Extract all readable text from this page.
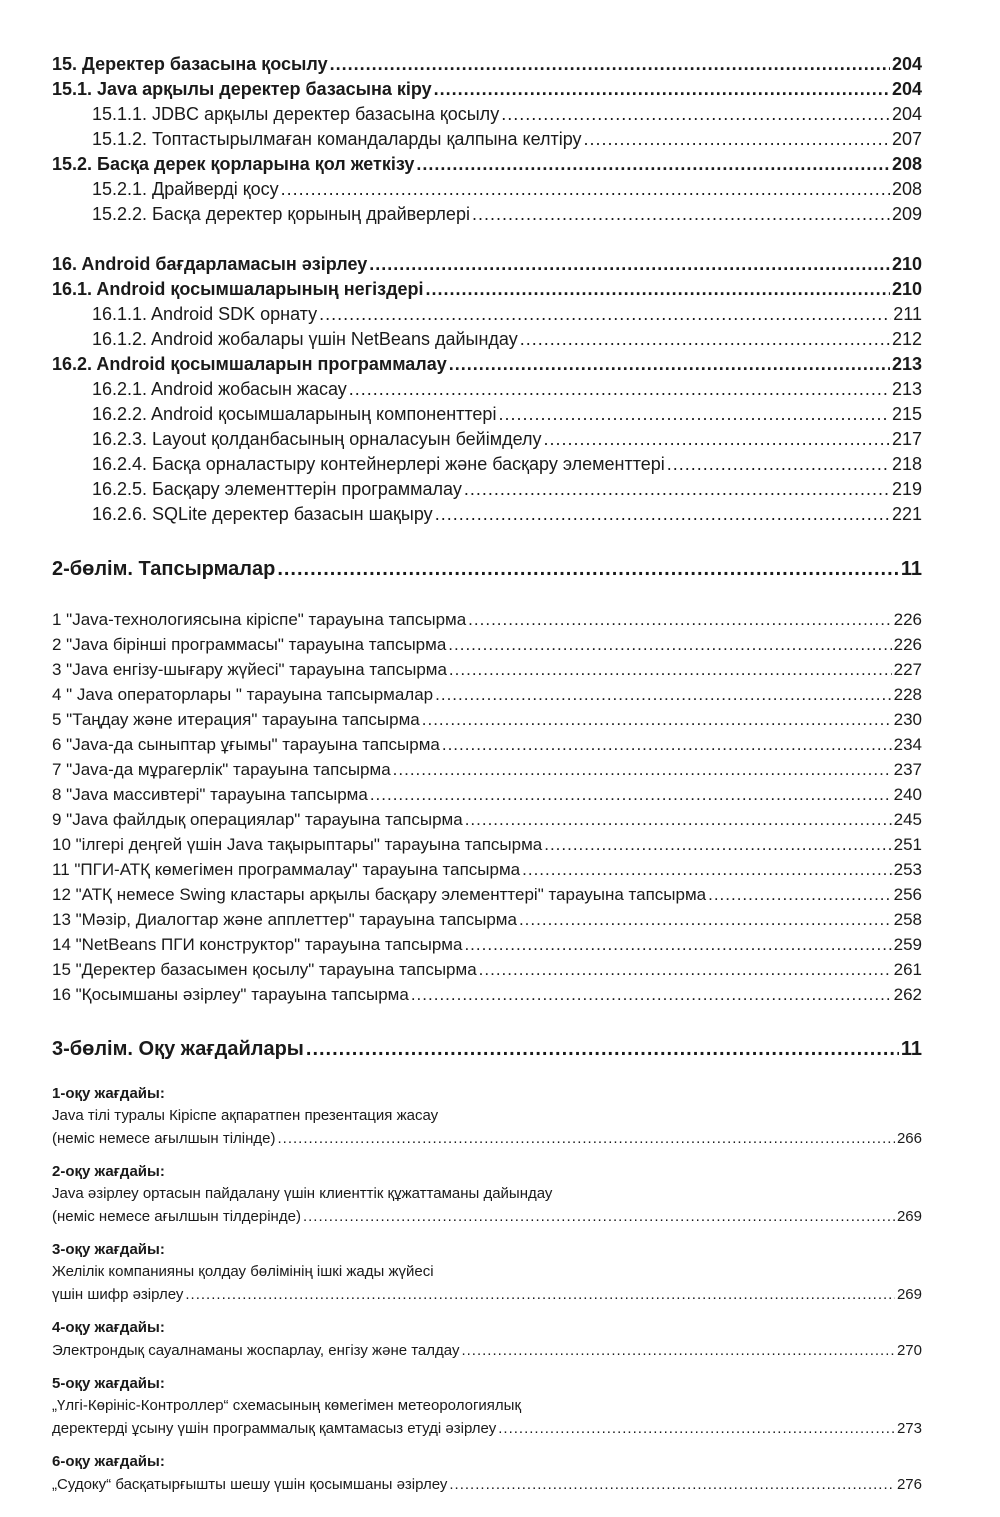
15. Деректер базасына қосылу .....	204
15.1. Java арқылы деректер базасына кіру .....	204
15.1.1. JDBC арқылы деректер базасына қосылу .....	204
15.1.2. Топтастырылмаған командаларды қалпына келтіру .....	207
15.2. Басқа дерек қорларына қол жеткізу .....	208
15.2.1. Драйверді қосу .....	208
15.2.2. Басқа деректер қорының драйверлері .....	209
16. Android бағдарламасын әзірлеу .....	210
16.1. Android қосымшаларының негіздері .....	210
16.1.1. Android SDK орнату .....	211
16.1.2. Android жобалары үшін NetBeans дайындау .....	212
16.2. Android қосымшаларын программалау .....	213
16.2.1. Android жобасын жасау .....	213
16.2.2. Android қосымшаларының компоненттері .....	215
16.2.3. Layout қолданбасының орналасуын бейімделу .....	217
16.2.4. Басқа орналастыру контейнерлері және басқару элементтері .....	218
16.2.5. Басқару элементтерін программалау .....	219
16.2.6. SQLite деректер базасын шақыру .....	221
2-бөлім. Тапсырмалар .....	11
1 "Java-технологиясына кіріспе" тарауына тапсырма .....	226
2 "Java бірінші программасы" тарауына тапсырма .....	226
3 "Java енгізу-шығару жүйесі" тарауына тапсырма .....	227
4 " Java операторлары " тарауына тапсырмалар .....	228
5 "Таңдау және итерация" тарауына тапсырма .....	230
6 "Java-да сыныптар ұғымы" тарауына тапсырма .....	234
7 "Java-да мұрагерлік" тарауына тапсырма .....	237
8 "Java массивтері" тарауына тапсырма .....	240
9 "Java файлдық операциялар" тарауына тапсырма .....	245
10 "ілгері деңгей үшін Java тақырыптары" тарауына тапсырма .....	251
11 "ПГИ-АТҚ көмегімен программалау" тарауына тапсырма .....	253
12 "АТҚ немесе Swing кластары арқылы басқару элементтері" тарауына тапсырма .....	256
13 "Мәзір, Диалогтар және апплеттер" тарауына тапсырма .....	258
14 "NetBeans ПГИ конструктор" тарауына тапсырма .....	259
15 "Деректер базасымен қосылу" тарауына тапсырма .....	261
16 "Қосымшаны әзірлеу" тарауына тапсырма .....	262
3-бөлім. Оқу жағдайлары .....	11
1-оқу жағдайы:
Java тілі туралы Кіріспе ақпаратпен презентация жасау
(неміс немесе ағылшын тілінде) .....	266
2-оқу жағдайы:
Java әзірлеу ортасын пайдалану үшін клиенттік құжаттаманы дайындау
(неміс немесе ағылшын тілдерінде) .....	269
3-оқу жағдайы:
Желілік компанияны қолдау бөлімінің ішкі жады жүйесі
үшін шифр әзірлеу .....	269
4-оқу жағдайы:
Электрондық сауалнаманы жоспарлау, енгізу және талдау .....	270
5-оқу жағдайы:
„Үлгі-Көрініс-Контроллер“ схемасының көмегімен метеорологиялық
деректерді ұсыну үшін программалық қамтамасыз етуді әзірлеу .....	273
6-оқу жағдайы:
„Судоку“ басқатырғышты шешу үшін қосымшаны әзірлеу .....	276
